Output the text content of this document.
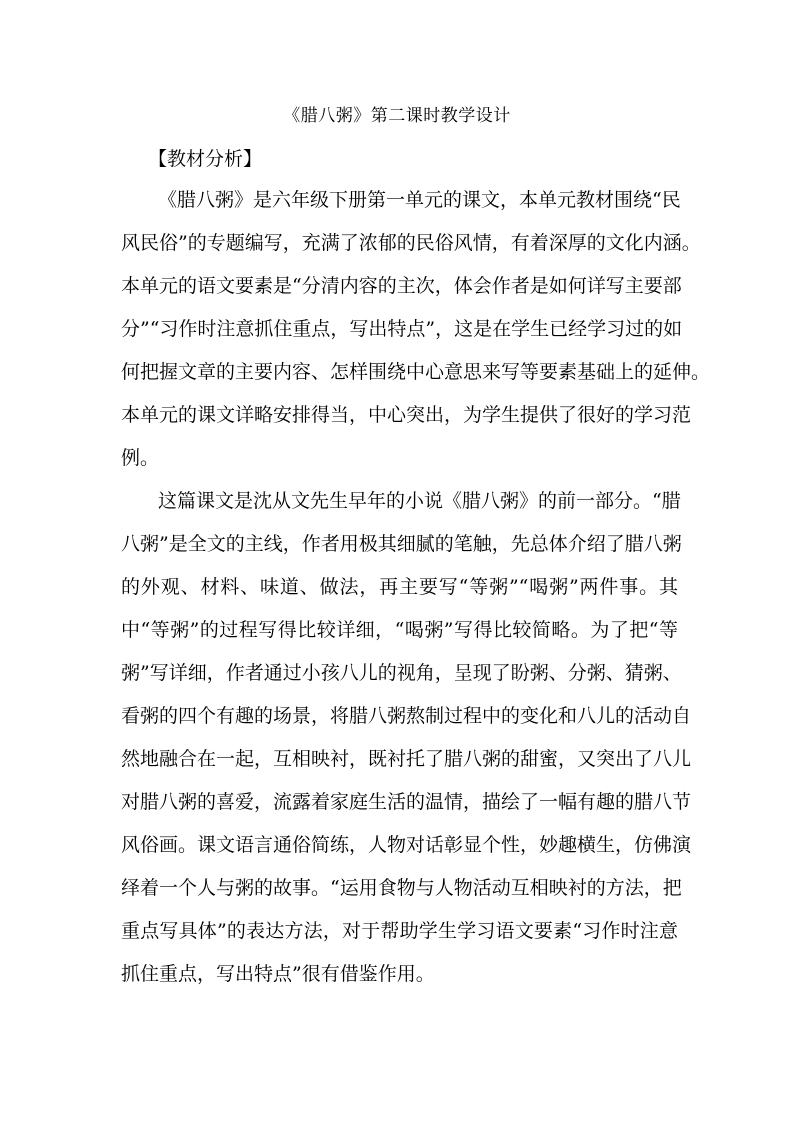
《腊八粥》第二课时教学设计
【教材分析】
《腊八粥》是六年级下册第一单元的课文，本单元教材围绕“民
风民俗”的专题编写，充满了浓郁的民俗风情，有着深厚的文化内涵。
本单元的语文要素是“分清内容的主次，体会作者是如何详写主要部
分”“习作时注意抓住重点，写出特点”，这是在学生已经学习过的如
何把握文章的主要内容、怎样围绕中心意思来写等要素基础上的延伸。
本单元的课文详略安排得当，中心突出，为学生提供了很好的学习范
例。
这篇课文是沈从文先生早年的小说《腊八粥》的前一部分。“腊
八粥”是全文的主线，作者用极其细腻的笔触，先总体介绍了腊八粥
的外观、材料、味道、做法，再主要写“等粥”“喝粥”两件事。其
中“等粥”的过程写得比较详细，“喝粥”写得比较简略。为了把“等
粥”写详细，作者通过小孩八儿的视角，呈现了盼粥、分粥、猜粥、
看粥的四个有趣的场景，将腊八粥熬制过程中的变化和八儿的活动自
然地融合在一起，互相映衬，既衬托了腊八粥的甜蜜，又突出了八儿
对腊八粥的喜爱，流露着家庭生活的温情，描绘了一幅有趣的腊八节
风俗画。课文语言通俗简练，人物对话彰显个性，妙趣横生，仿佛演
绎着一个人与粥的故事。“运用食物与人物活动互相映衬的方法，把
重点写具体”的表达方法，对于帮助学生学习语文要素“习作时注意
抓住重点，写出特点”很有借鉴作用。
